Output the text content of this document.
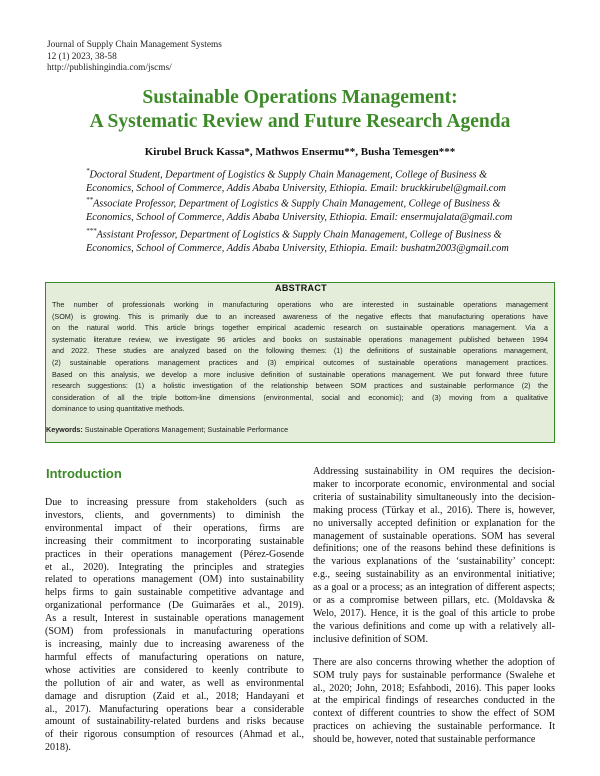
Journal of Supply Chain Management Systems
12 (1) 2023, 38-58
http://publishingindia.com/jscms/
Sustainable Operations Management:
A Systematic Review and Future Research Agenda
Kirubel Bruck Kassa*, Mathwos Ensermu**, Busha Temesgen***
*Doctoral Student, Department of Logistics & Supply Chain Management, College of Business &
Economics, School of Commerce, Addis Ababa University, Ethiopia. Email: bruckkirubel@gmail.com
**Associate Professor, Department of Logistics & Supply Chain Management, College of Business &
Economics, School of Commerce, Addis Ababa University, Ethiopia. Email: ensermujalata@gmail.com
***Assistant Professor, Department of Logistics & Supply Chain Management, College of Business &
Economics, School of Commerce, Addis Ababa University, Ethiopia. Email: bushatm2003@gmail.com
ABSTRACT
The number of professionals working in manufacturing operations who are interested in sustainable operations management
(SOM) is growing. This is primarily due to an increased awareness of the negative effects that manufacturing operations have
on the natural world. This article brings together empirical academic research on sustainable operations management. Via a
systematic literature review, we investigate 96 articles and books on sustainable operations management published between 1994
and 2022. These studies are analyzed based on the following themes: (1) the definitions of sustainable operations management,
(2) sustainable operations management practices and (3) empirical outcomes of sustainable operations management practices.
Based on this analysis, we develop a more inclusive definition of sustainable operations management. We put forward three future
research suggestions: (1) a holistic investigation of the relationship between SOM practices and sustainable performance (2) the
consideration of all the triple bottom-line dimensions (environmental, social and economic); and (3) moving from a qualitative
dominance to using quantitative methods.
Keywords: Sustainable Operations Management; Sustainable Performance
Introduction
Due to increasing pressure from stakeholders (such as
investors, clients, and governments) to diminish the
environmental impact of their operations, firms are
increasing their commitment to incorporating sustainable
practices in their operations management (Pérez-Gosende
et al., 2020). Integrating the principles and strategies
related to operations management (OM) into sustainability
helps firms to gain sustainable competitive advantage and
organizational performance (De Guimarães et al., 2019).
As a result, Interest in sustainable operations management
(SOM) from professionals in manufacturing operations
is increasing, mainly due to increasing awareness of the
harmful effects of manufacturing operations on nature,
whose activities are considered to keenly contribute to
the pollution of air and water, as well as environmental
damage and disruption (Zaid et al., 2018; Handayani et
al., 2017). Manufacturing operations bear a considerable
amount of sustainability-related burdens and risks because
of their rigorous consumption of resources (Ahmad et al.,
2018).
Addressing sustainability in OM requires the decision-
maker to incorporate economic, environmental and social
criteria of sustainability simultaneously into the decision-
making process (Türkay et al., 2016). There is, however,
no universally accepted definition or explanation for the
management of sustainable operations. SOM has several
definitions; one of the reasons behind these definitions is
the various explanations of the ‘sustainability’ concept:
e.g., seeing sustainability as an environmental initiative;
as a goal or a process; as an integration of different aspects;
or as a compromise between pillars, etc. (Moldavska &
Welo, 2017). Hence, it is the goal of this article to probe
the various definitions and come up with a relatively all-
inclusive definition of SOM.
There are also concerns throwing whether the adoption of
SOM truly pays for sustainable performance (Swalehe et
al., 2020; John, 2018; Esfahbodi, 2016). This paper looks
at the empirical findings of researches conducted in the
context of different countries to show the effect of SOM
practices on achieving the sustainable performance. It
should be, however, noted that sustainable performance
